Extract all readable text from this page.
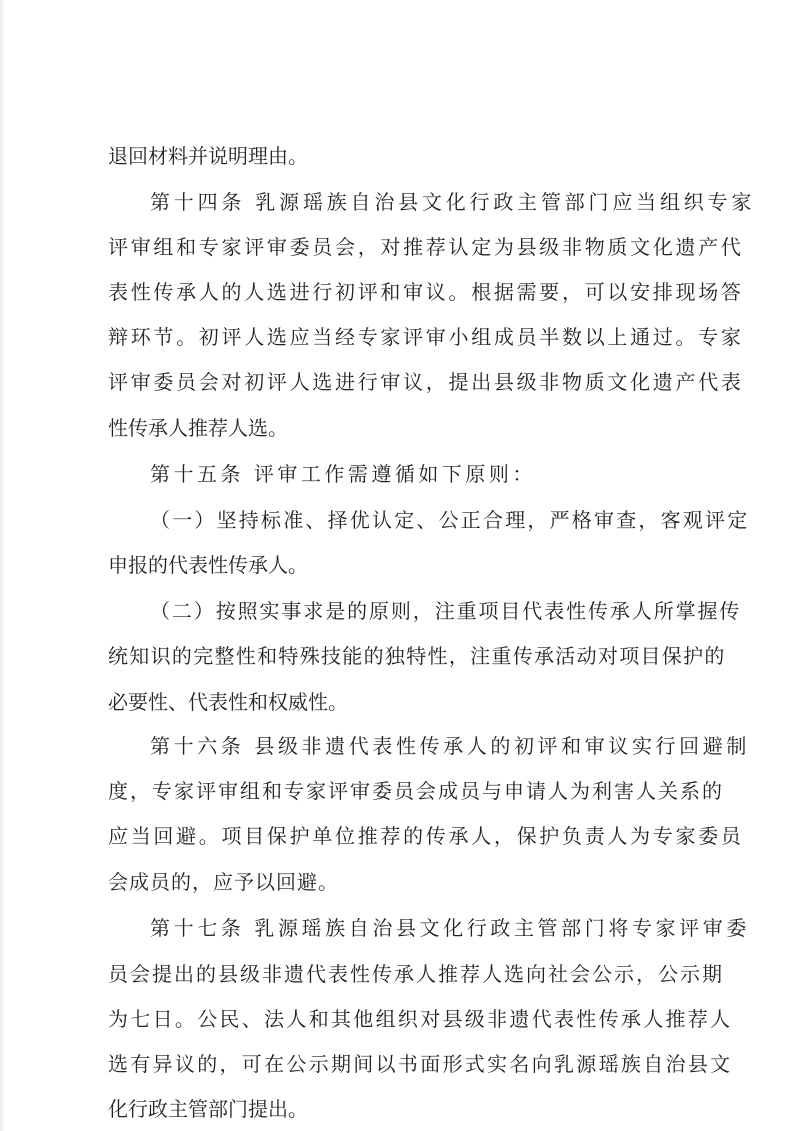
退回材料并说明理由。
第十四条 乳源瑶族自治县文化行政主管部门应当组织专家
评审组和专家评审委员会，对推荐认定为县级非物质文化遗产代
表性传承人的人选进行初评和审议。根据需要，可以安排现场答
辩环节。初评人选应当经专家评审小组成员半数以上通过。专家
评审委员会对初评人选进行审议，提出县级非物质文化遗产代表
性传承人推荐人选。
第十五条 评审工作需遵循如下原则：
（一）坚持标准、择优认定、公正合理，严格审查，客观评定
申报的代表性传承人。
（二）按照实事求是的原则，注重项目代表性传承人所掌握传
统知识的完整性和特殊技能的独特性，注重传承活动对项目保护的
必要性、代表性和权威性。
第十六条 县级非遗代表性传承人的初评和审议实行回避制
度，专家评审组和专家评审委员会成员与申请人为利害人关系的
应当回避。项目保护单位推荐的传承人，保护负责人为专家委员
会成员的，应予以回避。
第十七条 乳源瑶族自治县文化行政主管部门将专家评审委
员会提出的县级非遗代表性传承人推荐人选向社会公示，公示期
为七日。公民、法人和其他组织对县级非遗代表性传承人推荐人
选有异议的，可在公示期间以书面形式实名向乳源瑶族自治县文
化行政主管部门提出。
